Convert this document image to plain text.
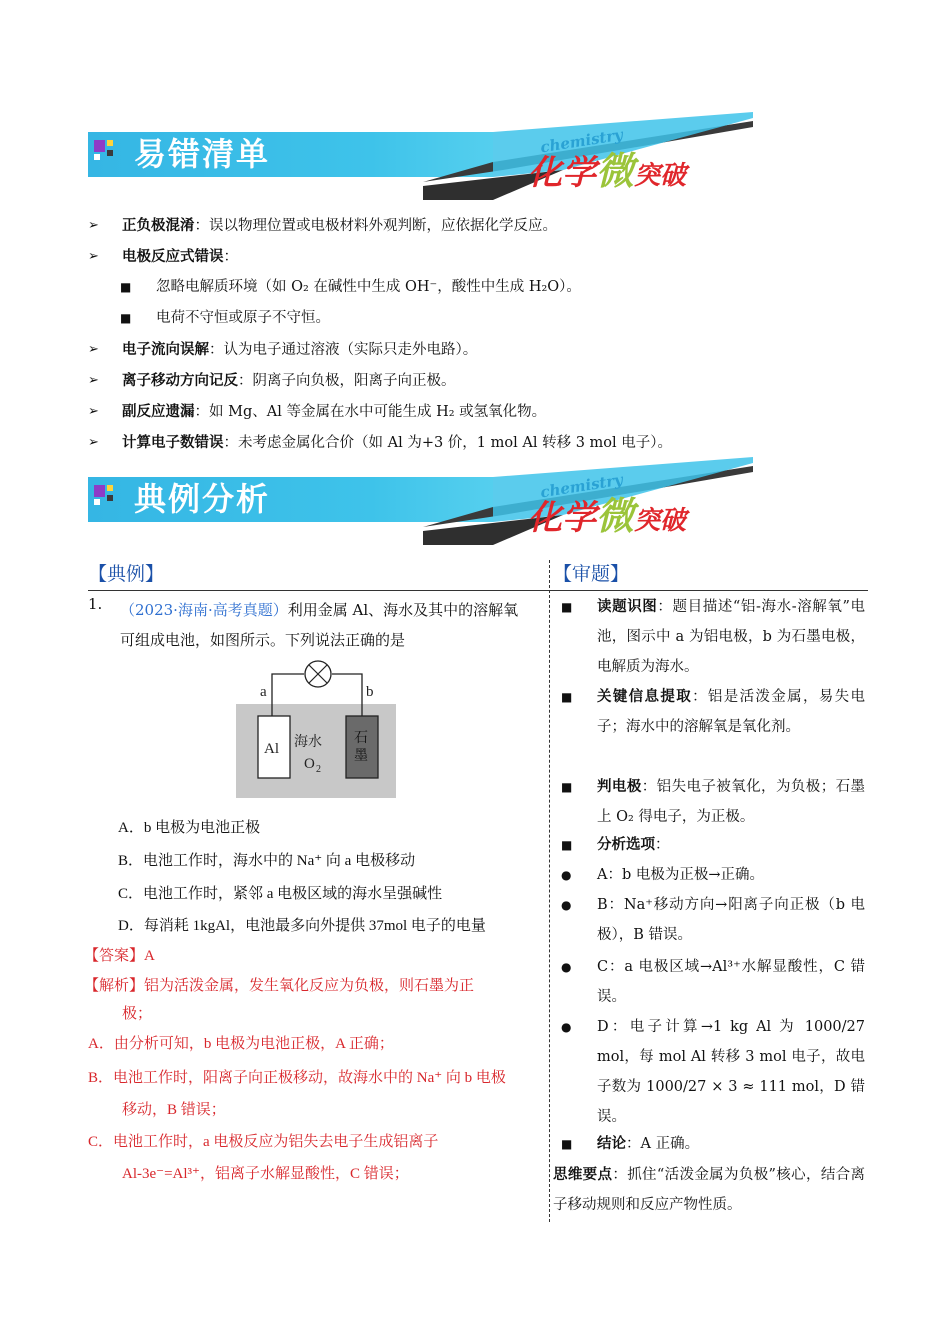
易错清单	chemistry
化学微突破
➢ 正负极混淆：误以物理位置或电极材料外观判断，应依据化学反应。
➢ 电极反应式错误：
■ 忽略电解质环境（如 O₂ 在碱性中生成 OH⁻，酸性中生成 H₂O）。
■ 电荷不守恒或原子不守恒。
➢ 电子流向误解：认为电子通过溶液（实际只走外电路）。
➢ 离子移动方向记反：阴离子向负极，阳离子向正极。
➢ 副反应遗漏：如 Mg、Al 等金属在水中可能生成 H₂ 或氢氧化物。
➢ 计算电子数错误：未考虑金属化合价（如 Al 为+3 价，1 mol Al 转移 3 mol 电子）。
典例分析	chemistry
化学微突破
【典例】
1. （2023·海南·高考真题）利用金属 Al、海水及其中的溶解氧
可组成电池，如图所示。下列说法正确的是
a	b
Al 海水
O 2
石
墨
A．b 电极为电池正极
B．电池工作时，海水中的 Na⁺ 向 a 电极移动
C．电池工作时，紧邻 a 电极区域的海水呈强碱性
D．每消耗 1kgAl，电池最多向外提供 37mol 电子的电量
【答案】A
【解析】铝为活泼金属，发生氧化反应为负极，则石墨为正
极；
A．由分析可知，b 电极为电池正极，A 正确；
B．电池工作时，阳离子向正极移动，故海水中的 Na⁺ 向 b 电极
移动，B 错误；
C．电池工作时，a 电极反应为铝失去电子生成铝离子
Al-3e⁻=Al³⁺，铝离子水解显酸性，C 错误；
【审题】
■ 读题识图：题目描述“铝-海水-溶解氧”电池，图示中 a 为铝电极，b 为石墨电极，电解质为海水。
■ 关键信息提取：铝是活泼金属，易失电子；海水中的溶解氧是氧化剂。
■ 判电极：铝失电子被氧化，为负极；石墨上 O₂ 得电子，为正极。
■ 分析选项：
● A：b 电极为正极→正确。
● B：Na⁺移动方向→阳离子向正极（b 电极），B 错误。
● C：a 电极区域→Al³⁺水解显酸性，C 错误。
● D：电子计算→1 kg Al 为 1000/27 mol，每 mol Al 转移 3 mol 电子，故电子数为 1000/27 × 3 ≈ 111 mol，D 错误。
■ 结论：A 正确。
思维要点：抓住“活泼金属为负极”核心，结合离子移动规则和反应产物性质。
